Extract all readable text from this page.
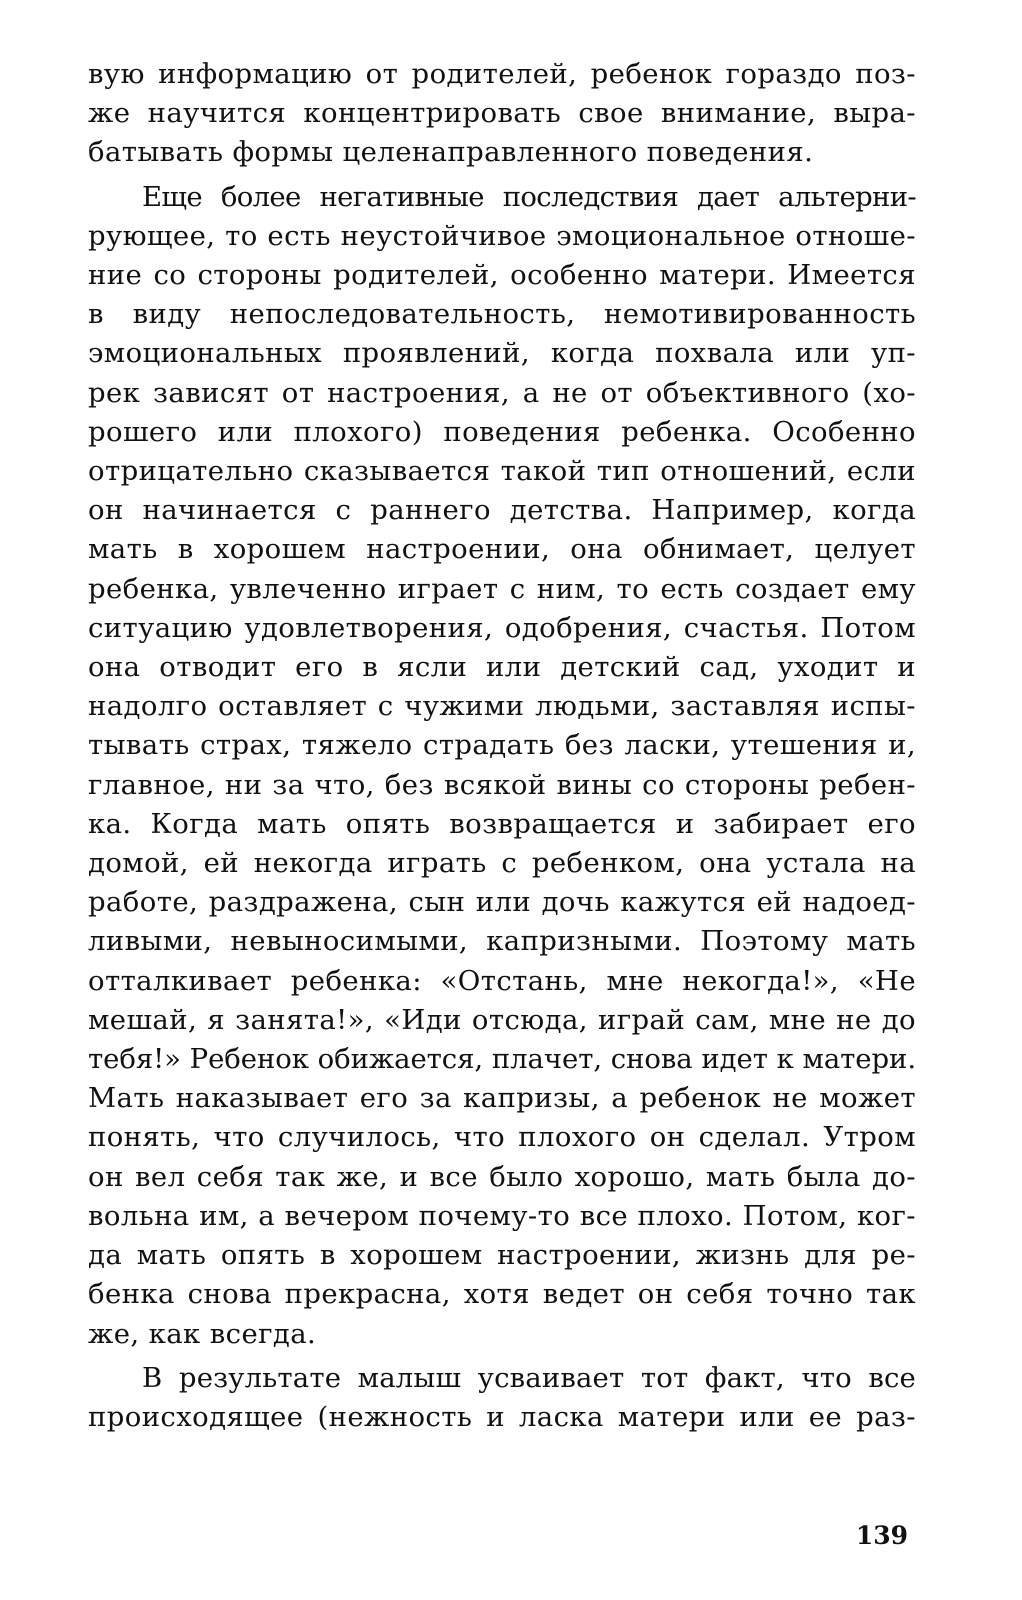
вую информацию от родителей, ребенок гораздо поз-
же научится концентрировать свое внимание, выра-
батывать формы целенаправленного поведения.

Еще более негативные последствия дает альтерни-
рующее, то есть неустойчивое эмоциональное отноше-
ние со стороны родителей, особенно матери. Имеется
в виду непоследовательность, немотивированность
эмоциональных проявлений, когда похвала или уп-
рек зависят от настроения, а не от объективного (хо-
рошего или плохого) поведения ребенка. Особенно
отрицательно сказывается такой тип отношений, если
он начинается с раннего детства. Например, когда
мать в хорошем настроении, она обнимает, целует
ребенка, увлеченно играет с ним, то есть создает ему
ситуацию удовлетворения, одобрения, счастья. Потом
она отводит его в ясли или детский сад, уходит и
надолго оставляет с чужими людьми, заставляя испы-
тывать страх, тяжело страдать без ласки, утешения и,
главное, ни за что, без всякой вины со стороны ребен-
ка. Когда мать опять возвращается и забирает его
домой, ей некогда играть с ребенком, она устала на
работе, раздражена, сын или дочь кажутся ей надоед-
ливыми, невыносимыми, капризными. Поэтому мать
отталкивает ребенка: «Отстань, мне некогда!», «Не
мешай, я занята!», «Иди отсюда, играй сам, мне не до
тебя!» Ребенок обижается, плачет, снова идет к матери.
Мать наказывает его за капризы, а ребенок не может
понять, что случилось, что плохого он сделал. Утром
он вел себя так же, и все было хорошо, мать была до-
вольна им, а вечером почему-то все плохо. Потом, ког-
да мать опять в хорошем настроении, жизнь для ре-
бенка снова прекрасна, хотя ведет он себя точно так
же, как всегда.

В результате малыш усваивает тот факт, что все
происходящее (нежность и ласка матери или ее раз-

139
